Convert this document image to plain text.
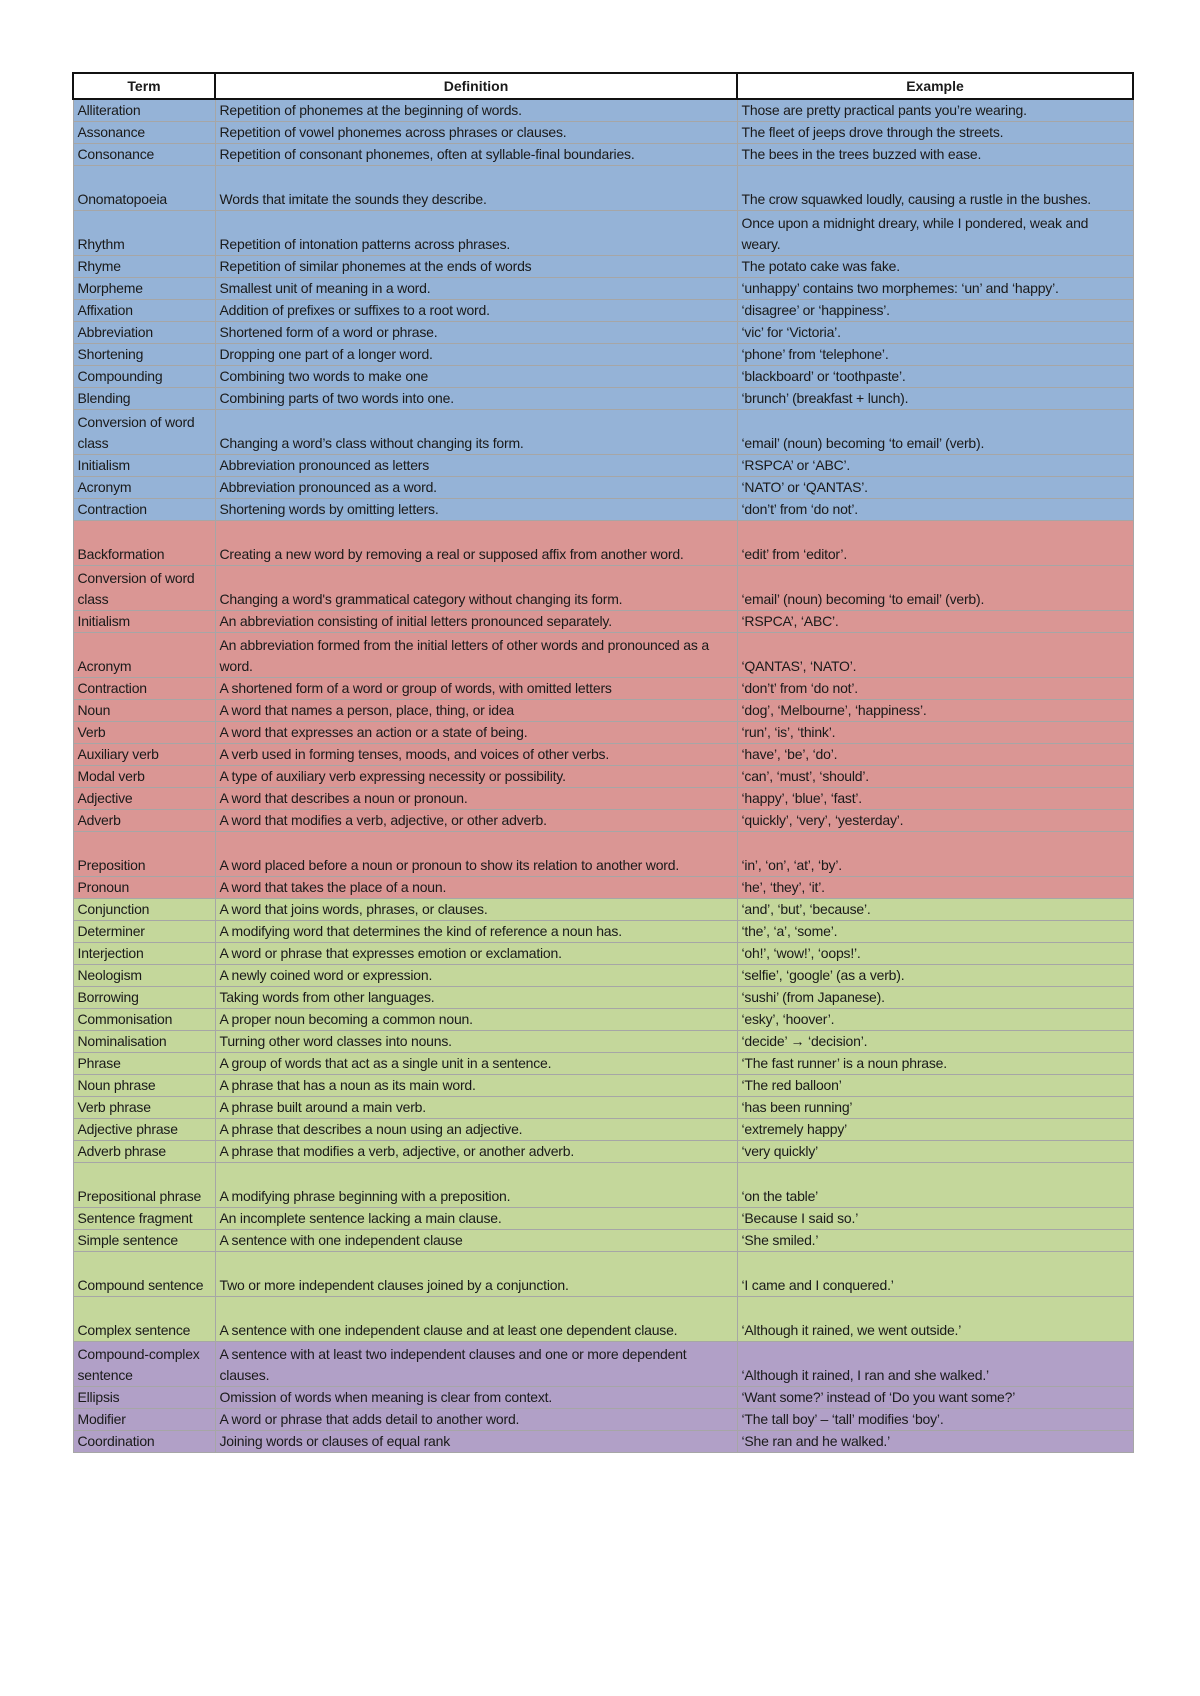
Term	Definition	Example
Alliteration	Repetition of phonemes at the beginning of words.	Those are pretty practical pants you’re wearing.
Assonance	Repetition of vowel phonemes across phrases or clauses.	The fleet of jeeps drove through the streets.
Consonance	Repetition of consonant phonemes, often at syllable-final boundaries.	The bees in the trees buzzed with ease.
Onomatopoeia	Words that imitate the sounds they describe.	The crow squawked loudly, causing a rustle in the bushes.
Rhythm	Repetition of intonation patterns across phrases.	Once upon a midnight dreary, while I pondered, weak and weary.
Rhyme	Repetition of similar phonemes at the ends of words	The potato cake was fake.
Morpheme	Smallest unit of meaning in a word.	‘unhappy’ contains two morphemes: ‘un’ and ‘happy’.
Affixation	Addition of prefixes or suffixes to a root word.	‘disagree’ or ‘happiness’.
Abbreviation	Shortened form of a word or phrase.	‘vic’ for ‘Victoria’.
Shortening	Dropping one part of a longer word.	‘phone’ from ‘telephone’.
Compounding	Combining two words to make one	‘blackboard’ or ‘toothpaste’.
Blending	Combining parts of two words into one.	‘brunch’ (breakfast + lunch).
Conversion of word class	Changing a word’s class without changing its form.	‘email’ (noun) becoming ‘to email’ (verb).
Initialism	Abbreviation pronounced as letters	‘RSPCA’ or ‘ABC’.
Acronym	Abbreviation pronounced as a word.	‘NATO’ or ‘QANTAS’.
Contraction	Shortening words by omitting letters.	‘don’t’ from ‘do not’.
Backformation	Creating a new word by removing a real or supposed affix from another word.	‘edit’ from ‘editor’.
Conversion of word class	Changing a word's grammatical category without changing its form.	‘email’ (noun) becoming ‘to email’ (verb).
Initialism	An abbreviation consisting of initial letters pronounced separately.	‘RSPCA’, ‘ABC’.
Acronym	An abbreviation formed from the initial letters of other words and pronounced as a word.	‘QANTAS’, ‘NATO’.
Contraction	A shortened form of a word or group of words, with omitted letters	‘don’t’ from ‘do not’.
Noun	A word that names a person, place, thing, or idea	‘dog’, ‘Melbourne’, ‘happiness’.
Verb	A word that expresses an action or a state of being.	‘run’, ‘is’, ‘think’.
Auxiliary verb	A verb used in forming tenses, moods, and voices of other verbs.	‘have’, ‘be’, ‘do’.
Modal verb	A type of auxiliary verb expressing necessity or possibility.	‘can’, ‘must’, ‘should’.
Adjective	A word that describes a noun or pronoun.	‘happy’, ‘blue’, ‘fast’.
Adverb	A word that modifies a verb, adjective, or other adverb.	‘quickly’, ‘very’, ‘yesterday’.
Preposition	A word placed before a noun or pronoun to show its relation to another word.	‘in’, ‘on’, ‘at’, ‘by’.
Pronoun	A word that takes the place of a noun.	‘he’, ‘they’, ‘it’.
Conjunction	A word that joins words, phrases, or clauses.	‘and’, ‘but’, ‘because’.
Determiner	A modifying word that determines the kind of reference a noun has.	‘the’, ‘a’, ‘some’.
Interjection	A word or phrase that expresses emotion or exclamation.	‘oh!’, ‘wow!’, ‘oops!’.
Neologism	A newly coined word or expression.	‘selfie’, ‘google’ (as a verb).
Borrowing	Taking words from other languages.	‘sushi’ (from Japanese).
Commonisation	A proper noun becoming a common noun.	‘esky’, ‘hoover’.
Nominalisation	Turning other word classes into nouns.	‘decide’ → ‘decision’.
Phrase	A group of words that act as a single unit in a sentence.	‘The fast runner’ is a noun phrase.
Noun phrase	A phrase that has a noun as its main word.	‘The red balloon’
Verb phrase	A phrase built around a main verb.	‘has been running’
Adjective phrase	A phrase that describes a noun using an adjective.	‘extremely happy’
Adverb phrase	A phrase that modifies a verb, adjective, or another adverb.	‘very quickly’
Prepositional phrase	A modifying phrase beginning with a preposition.	‘on the table’
Sentence fragment	An incomplete sentence lacking a main clause.	‘Because I said so.’
Simple sentence	A sentence with one independent clause	‘She smiled.’
Compound sentence	Two or more independent clauses joined by a conjunction.	‘I came and I conquered.’
Complex sentence	A sentence with one independent clause and at least one dependent clause.	‘Although it rained, we went outside.’
Compound-complex sentence	A sentence with at least two independent clauses and one or more dependent clauses.	‘Although it rained, I ran and she walked.’
Ellipsis	Omission of words when meaning is clear from context.	‘Want some?’ instead of ‘Do you want some?’
Modifier	A word or phrase that adds detail to another word.	‘The tall boy’ – ‘tall’ modifies ‘boy’.
Coordination	Joining words or clauses of equal rank	‘She ran and he walked.’
